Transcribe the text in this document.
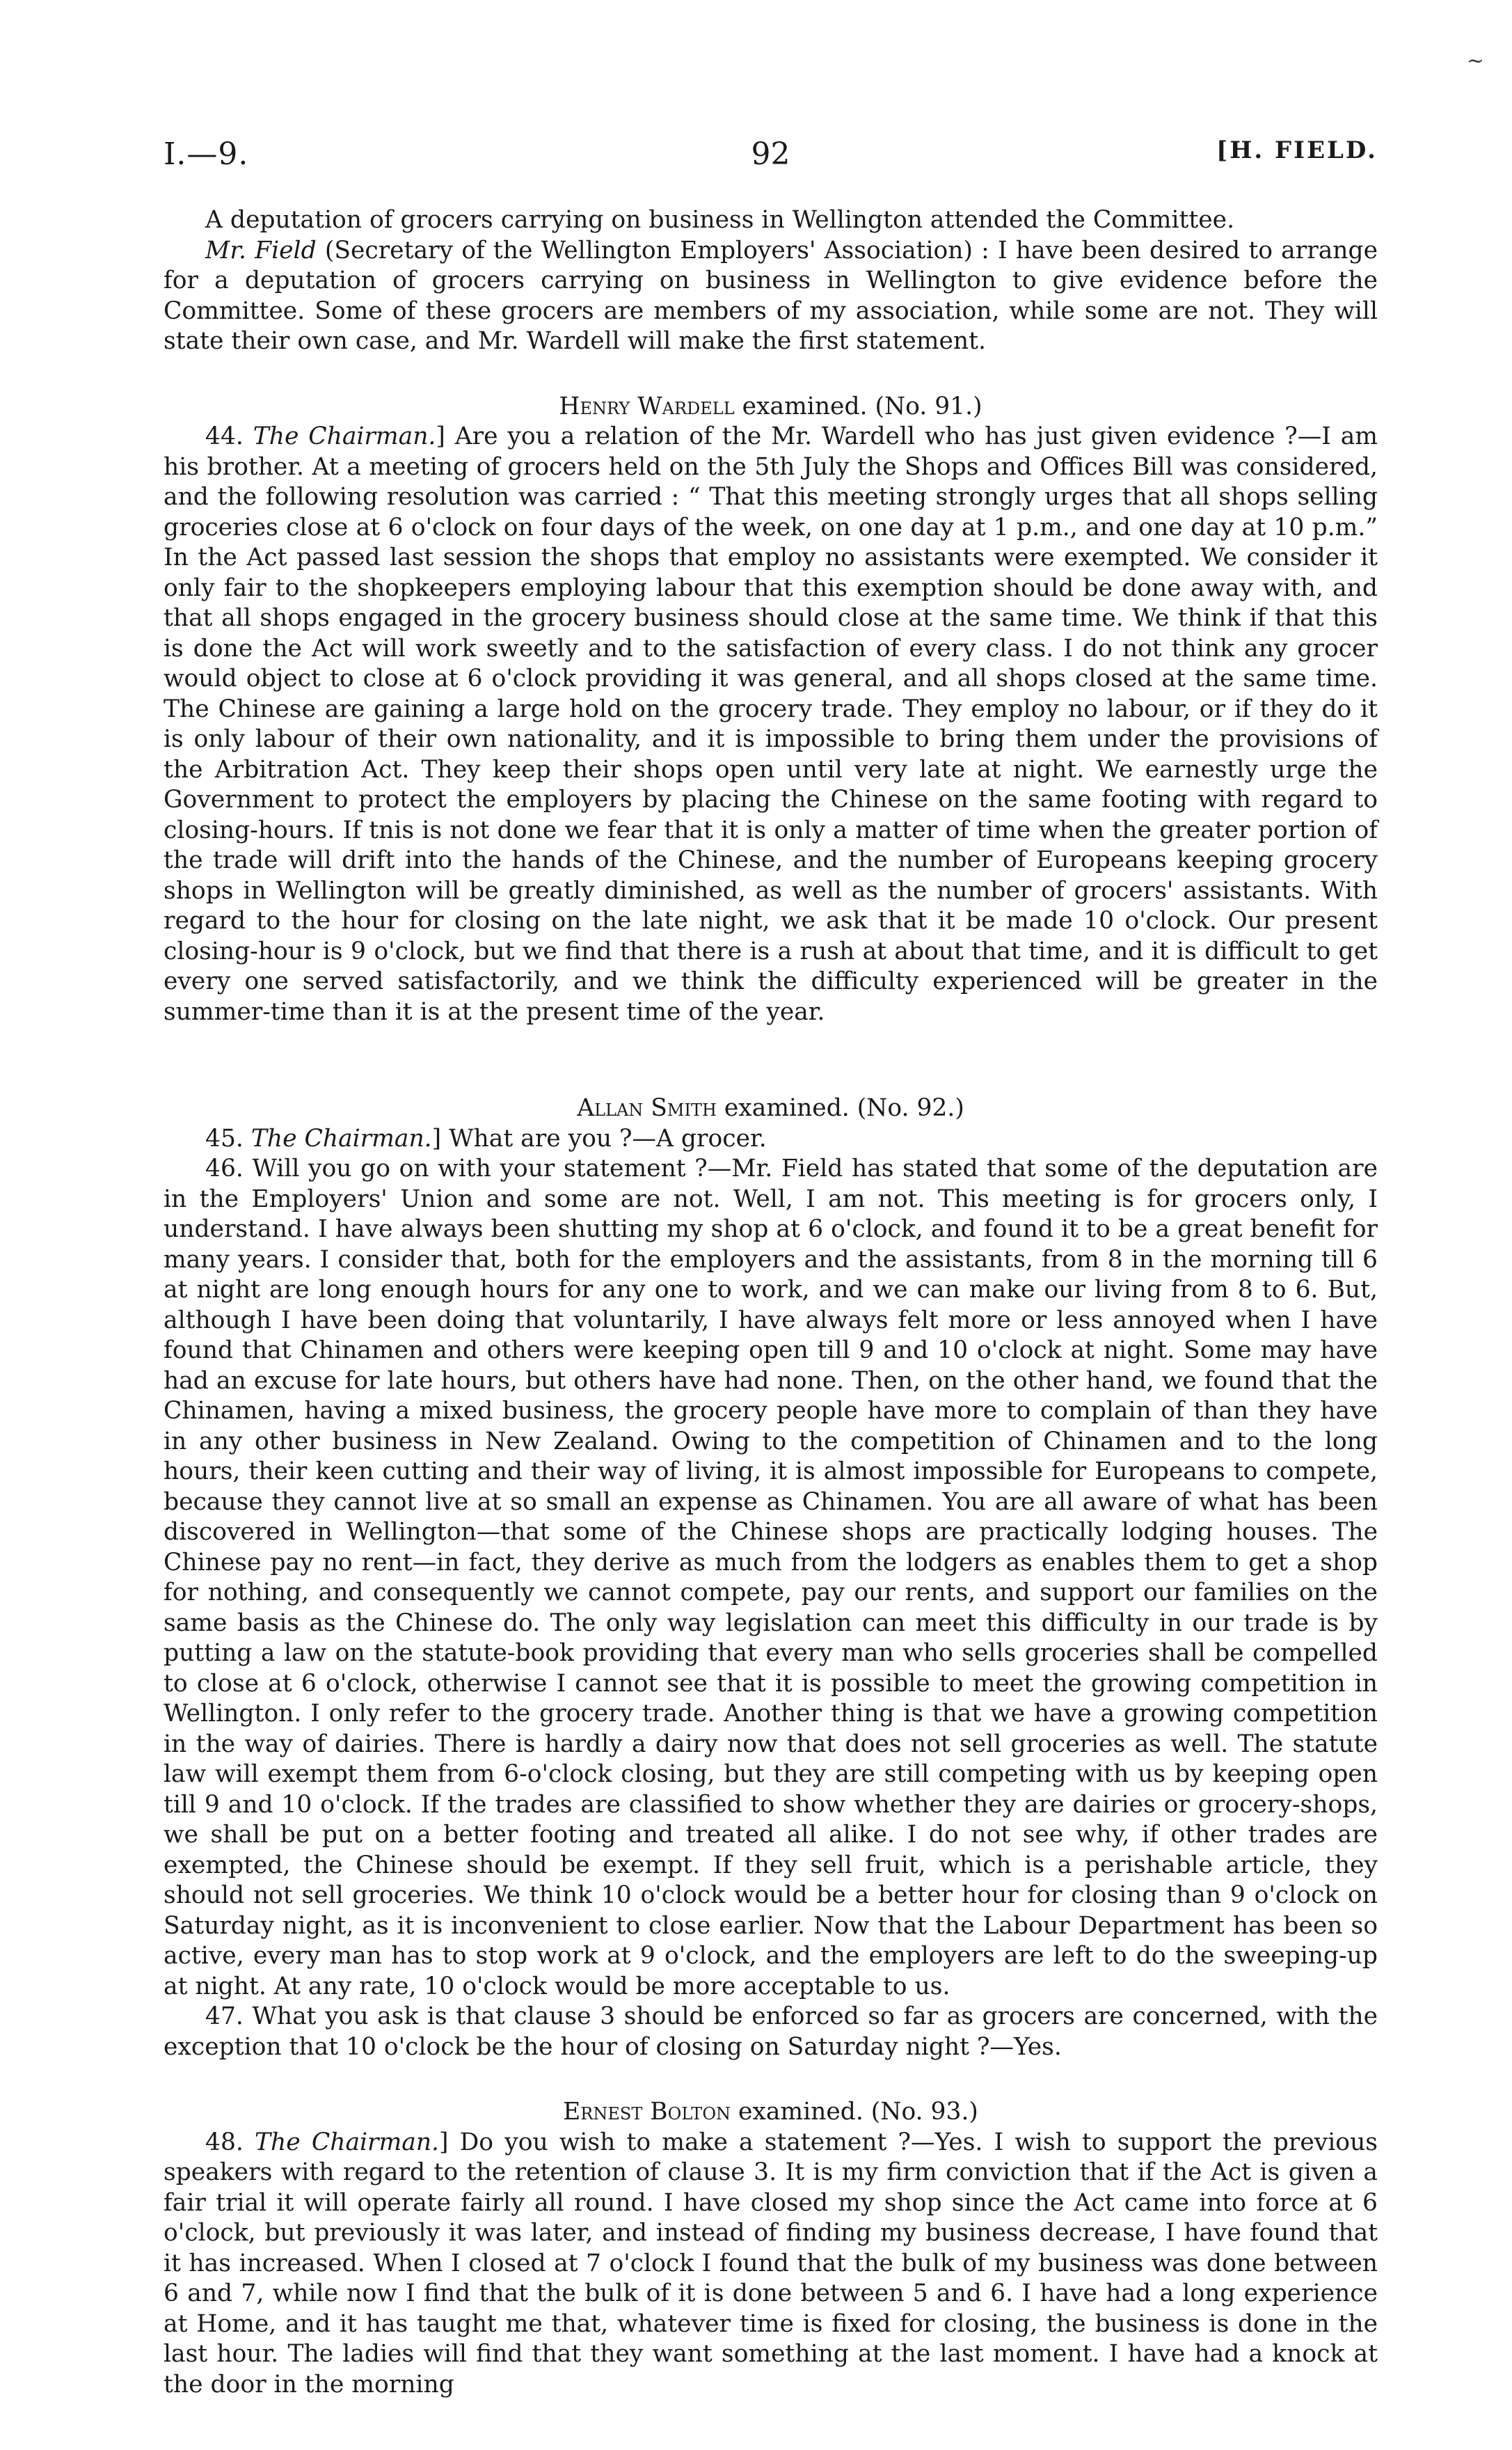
~
I.—9.	92	[H. FIELD.

A deputation of grocers carrying on business in Wellington attended the Committee.

Mr. Field (Secretary of the Wellington Employers' Association) : I have been desired to arrange for a deputation of grocers carrying on business in Wellington to give evidence before the Committee. Some of these grocers are members of my association, while some are not. They will state their own case, and Mr. Wardell will make the first statement.

Henry Wardell examined. (No. 91.)

44. The Chairman.] Are you a relation of the Mr. Wardell who has just given evidence ?—I am his brother. At a meeting of grocers held on the 5th July the Shops and Offices Bill was considered, and the following resolution was carried : “ That this meeting strongly urges that all shops selling groceries close at 6 o'clock on four days of the week, on one day at 1 p.m., and one day at 10 p.m.” In the Act passed last session the shops that employ no assistants were exempted. We consider it only fair to the shopkeepers employing labour that this exemption should be done away with, and that all shops engaged in the grocery business should close at the same time. We think if that this is done the Act will work sweetly and to the satisfaction of every class. I do not think any grocer would object to close at 6 o'clock providing it was general, and all shops closed at the same time. The Chinese are gaining a large hold on the grocery trade. They employ no labour, or if they do it is only labour of their own nationality, and it is impossible to bring them under the provisions of the Arbitration Act. They keep their shops open until very late at night. We earnestly urge the Government to protect the employers by placing the Chinese on the same footing with regard to closing-hours. If tnis is not done we fear that it is only a matter of time when the greater portion of the trade will drift into the hands of the Chinese, and the number of Europeans keeping grocery shops in Wellington will be greatly diminished, as well as the number of grocers' assistants. With regard to the hour for closing on the late night, we ask that it be made 10 o'clock. Our present closing-hour is 9 o'clock, but we find that there is a rush at about that time, and it is difficult to get every one served satisfactorily, and we think the difficulty experienced will be greater in the summer-time than it is at the present time of the year.

Allan Smith examined. (No. 92.)

45. The Chairman.] What are you ?—A grocer.

46. Will you go on with your statement ?—Mr. Field has stated that some of the deputation are in the Employers' Union and some are not. Well, I am not. This meeting is for grocers only, I understand. I have always been shutting my shop at 6 o'clock, and found it to be a great benefit for many years. I consider that, both for the employers and the assistants, from 8 in the morning till 6 at night are long enough hours for any one to work, and we can make our living from 8 to 6. But, although I have been doing that voluntarily, I have always felt more or less annoyed when I have found that Chinamen and others were keeping open till 9 and 10 o'clock at night. Some may have had an excuse for late hours, but others have had none. Then, on the other hand, we found that the Chinamen, having a mixed business, the grocery people have more to complain of than they have in any other business in New Zealand. Owing to the competition of Chinamen and to the long hours, their keen cutting and their way of living, it is almost impossible for Europeans to compete, because they cannot live at so small an expense as Chinamen. You are all aware of what has been discovered in Wellington—that some of the Chinese shops are practically lodging houses. The Chinese pay no rent—in fact, they derive as much from the lodgers as enables them to get a shop for nothing, and consequently we cannot compete, pay our rents, and support our families on the same basis as the Chinese do. The only way legislation can meet this difficulty in our trade is by putting a law on the statute-book providing that every man who sells groceries shall be compelled to close at 6 o'clock, otherwise I cannot see that it is possible to meet the growing competition in Wellington. I only refer to the grocery trade. Another thing is that we have a growing competition in the way of dairies. There is hardly a dairy now that does not sell groceries as well. The statute law will exempt them from 6-o'clock closing, but they are still competing with us by keeping open till 9 and 10 o'clock. If the trades are classified to show whether they are dairies or grocery-shops, we shall be put on a better footing and treated all alike. I do not see why, if other trades are exempted, the Chinese should be exempt. If they sell fruit, which is a perishable article, they should not sell groceries. We think 10 o'clock would be a better hour for closing than 9 o'clock on Saturday night, as it is inconvenient to close earlier. Now that the Labour Department has been so active, every man has to stop work at 9 o'clock, and the employers are left to do the sweeping-up at night. At any rate, 10 o'clock would be more acceptable to us.

47. What you ask is that clause 3 should be enforced so far as grocers are concerned, with the exception that 10 o'clock be the hour of closing on Saturday night ?—Yes.

Ernest Bolton examined. (No. 93.)

48. The Chairman.] Do you wish to make a statement ?—Yes. I wish to support the previous speakers with regard to the retention of clause 3. It is my firm conviction that if the Act is given a fair trial it will operate fairly all round. I have closed my shop since the Act came into force at 6 o'clock, but previously it was later, and instead of finding my business decrease, I have found that it has increased. When I closed at 7 o'clock I found that the bulk of my business was done between 6 and 7, while now I find that the bulk of it is done between 5 and 6. I have had a long experience at Home, and it has taught me that, whatever time is fixed for closing, the business is done in the last hour. The ladies will find that they want something at the last moment. I have had a knock at the door in the morning
